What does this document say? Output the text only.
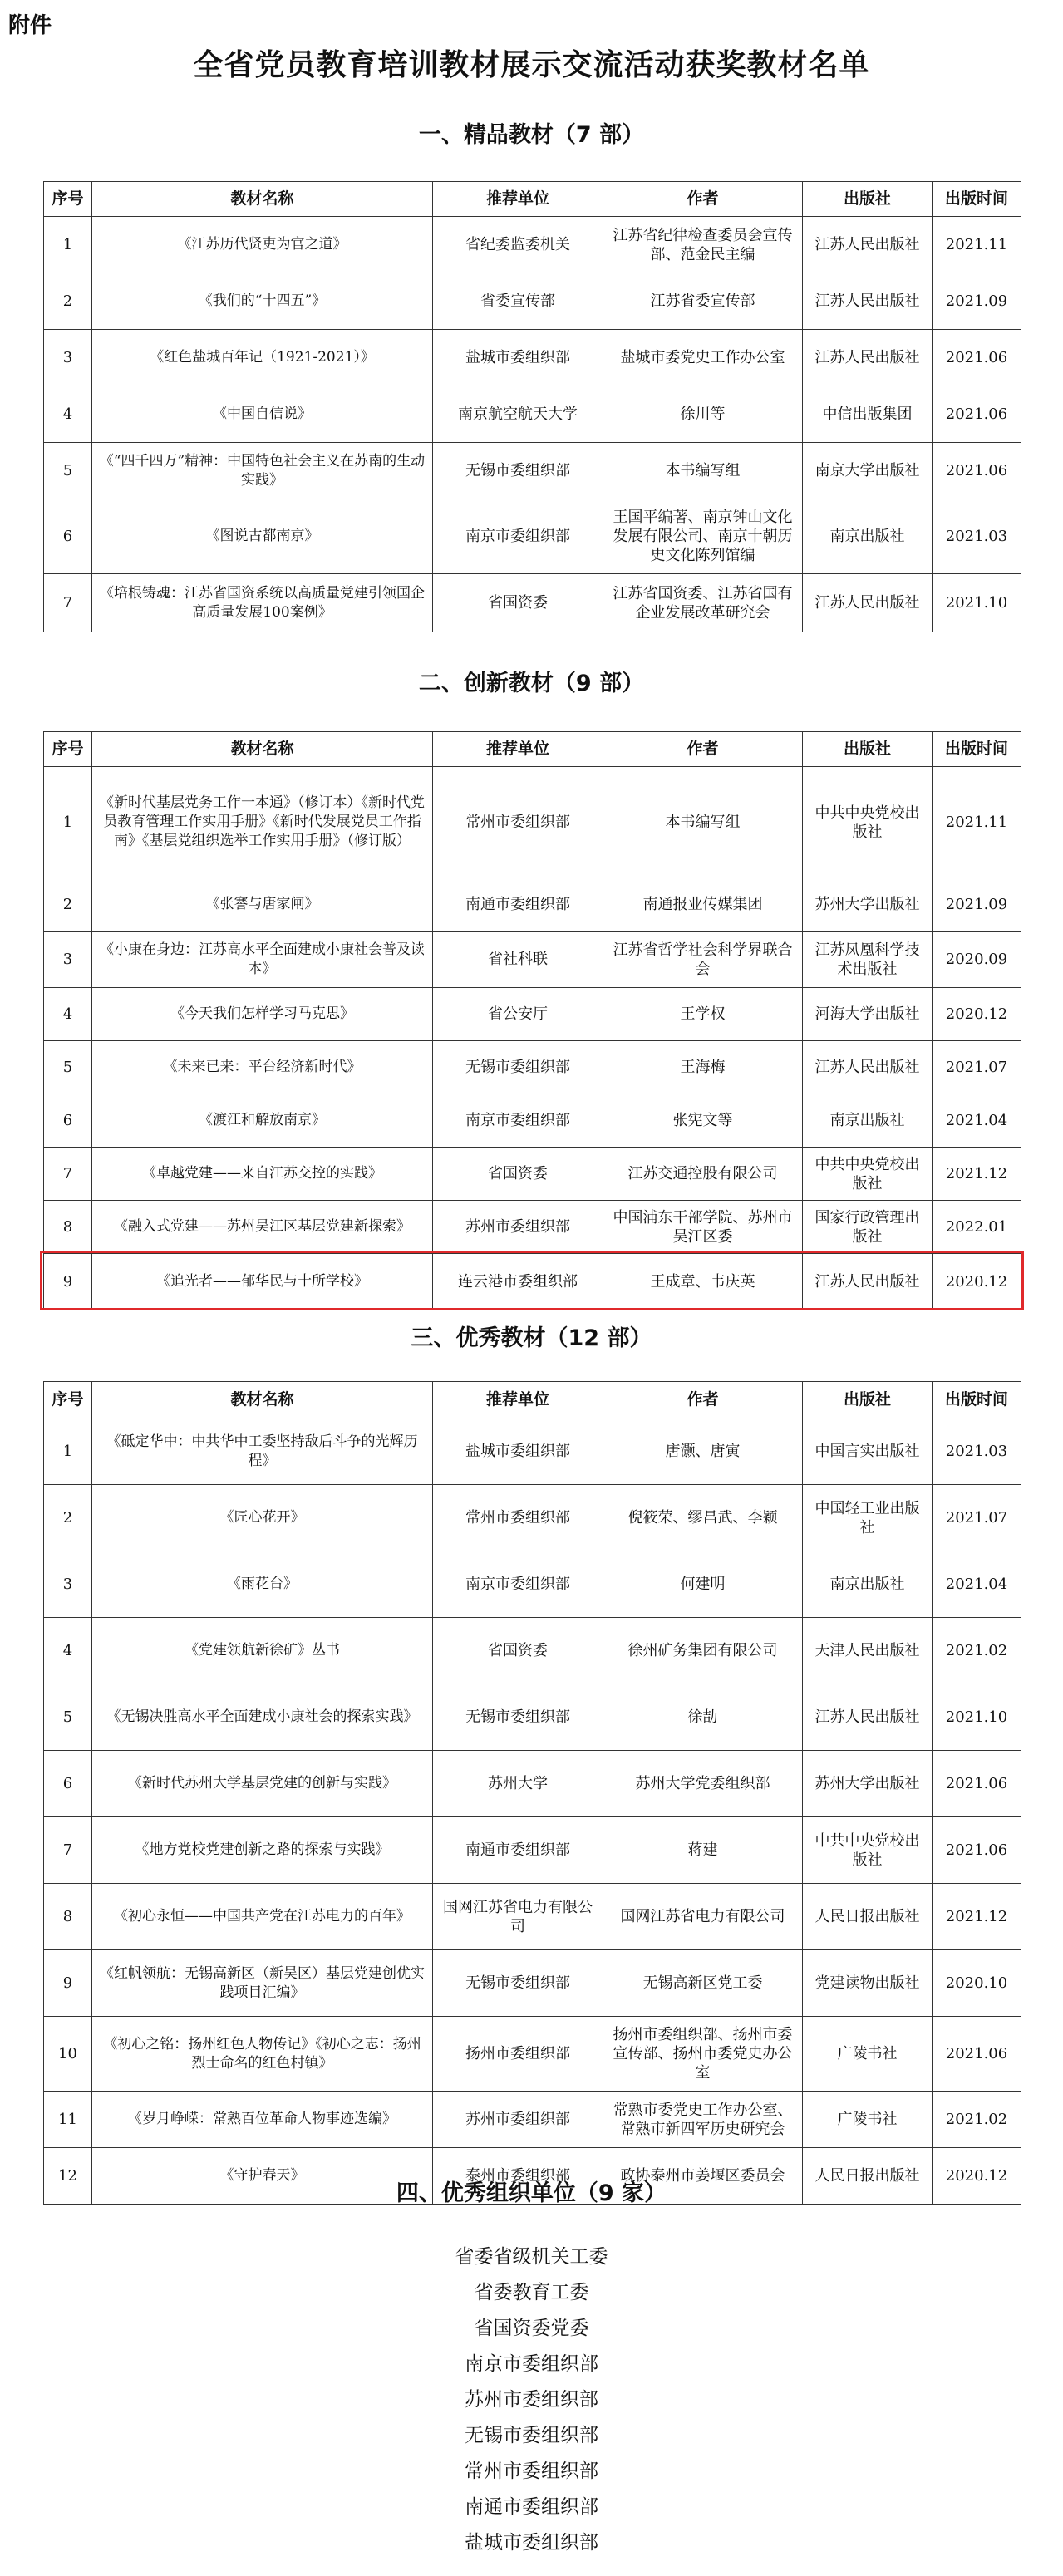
附件
全省党员教育培训教材展示交流活动获奖教材名单
一、精品教材（7 部）
序号	教材名称	推荐单位	作者	出版社	出版时间
1	《江苏历代贤吏为官之道》	省纪委监委机关	江苏省纪律检查委员会宣传部、范金民主编	江苏人民出版社	2021.11
2	《我们的“十四五”》	省委宣传部	江苏省委宣传部	江苏人民出版社	2021.09
3	《红色盐城百年记（1921-2021）》	盐城市委组织部	盐城市委党史工作办公室	江苏人民出版社	2021.06
4	《中国自信说》	南京航空航天大学	徐川等	中信出版集团	2021.06
5	《“四千四万”精神：中国特色社会主义在苏南的生动实践》	无锡市委组织部	本书编写组	南京大学出版社	2021.06
6	《图说古都南京》	南京市委组织部	王国平编著、南京钟山文化发展有限公司、南京十朝历史文化陈列馆编	南京出版社	2021.03
7	《培根铸魂：江苏省国资系统以高质量党建引领国企高质量发展100案例》	省国资委	江苏省国资委、江苏省国有企业发展改革研究会	江苏人民出版社	2021.10
二、创新教材（9 部）
序号	教材名称	推荐单位	作者	出版社	出版时间
1	《新时代基层党务工作一本通》（修订本）《新时代党员教育管理工作实用手册》《新时代发展党员工作指南》《基层党组织选举工作实用手册》（修订版）	常州市委组织部	本书编写组	中共中央党校出版社	2021.11
2	《张謇与唐家闸》	南通市委组织部	南通报业传媒集团	苏州大学出版社	2021.09
3	《小康在身边：江苏高水平全面建成小康社会普及读本》	省社科联	江苏省哲学社会科学界联合会	江苏凤凰科学技术出版社	2020.09
4	《今天我们怎样学习马克思》	省公安厅	王学权	河海大学出版社	2020.12
5	《未来已来：平台经济新时代》	无锡市委组织部	王海梅	江苏人民出版社	2021.07
6	《渡江和解放南京》	南京市委组织部	张宪文等	南京出版社	2021.04
7	《卓越党建——来自江苏交控的实践》	省国资委	江苏交通控股有限公司	中共中央党校出版社	2021.12
8	《融入式党建——苏州吴江区基层党建新探索》	苏州市委组织部	中国浦东干部学院、苏州市吴江区委	国家行政管理出版社	2022.01
9	《追光者——郁华民与十所学校》	连云港市委组织部	王成章、韦庆英	江苏人民出版社	2020.12
三、优秀教材（12 部）
序号	教材名称	推荐单位	作者	出版社	出版时间
1	《砥定华中：中共华中工委坚持敌后斗争的光辉历程》	盐城市委组织部	唐灏、唐寅	中国言实出版社	2021.03
2	《匠心花开》	常州市委组织部	倪筱荣、缪昌武、李颖	中国轻工业出版社	2021.07
3	《雨花台》	南京市委组织部	何建明	南京出版社	2021.04
4	《党建领航新徐矿》丛书	省国资委	徐州矿务集团有限公司	天津人民出版社	2021.02
5	《无锡决胜高水平全面建成小康社会的探索实践》	无锡市委组织部	徐劼	江苏人民出版社	2021.10
6	《新时代苏州大学基层党建的创新与实践》	苏州大学	苏州大学党委组织部	苏州大学出版社	2021.06
7	《地方党校党建创新之路的探索与实践》	南通市委组织部	蒋建	中共中央党校出版社	2021.06
8	《初心永恒——中国共产党在江苏电力的百年》	国网江苏省电力有限公司	国网江苏省电力有限公司	人民日报出版社	2021.12
9	《红帆领航：无锡高新区（新吴区）基层党建创优实践项目汇编》	无锡市委组织部	无锡高新区党工委	党建读物出版社	2020.10
10	《初心之铭：扬州红色人物传记》《初心之志：扬州烈士命名的红色村镇》	扬州市委组织部	扬州市委组织部、扬州市委宣传部、扬州市委党史办公室	广陵书社	2021.06
11	《岁月峥嵘：常熟百位革命人物事迹选编》	苏州市委组织部	常熟市委党史工作办公室、常熟市新四军历史研究会	广陵书社	2021.02
12	《守护春天》	泰州市委组织部	政协泰州市姜堰区委员会	人民日报出版社	2020.12
四、优秀组织单位（9 家）
省委省级机关工委
省委教育工委
省国资委党委
南京市委组织部
苏州市委组织部
无锡市委组织部
常州市委组织部
南通市委组织部
盐城市委组织部
